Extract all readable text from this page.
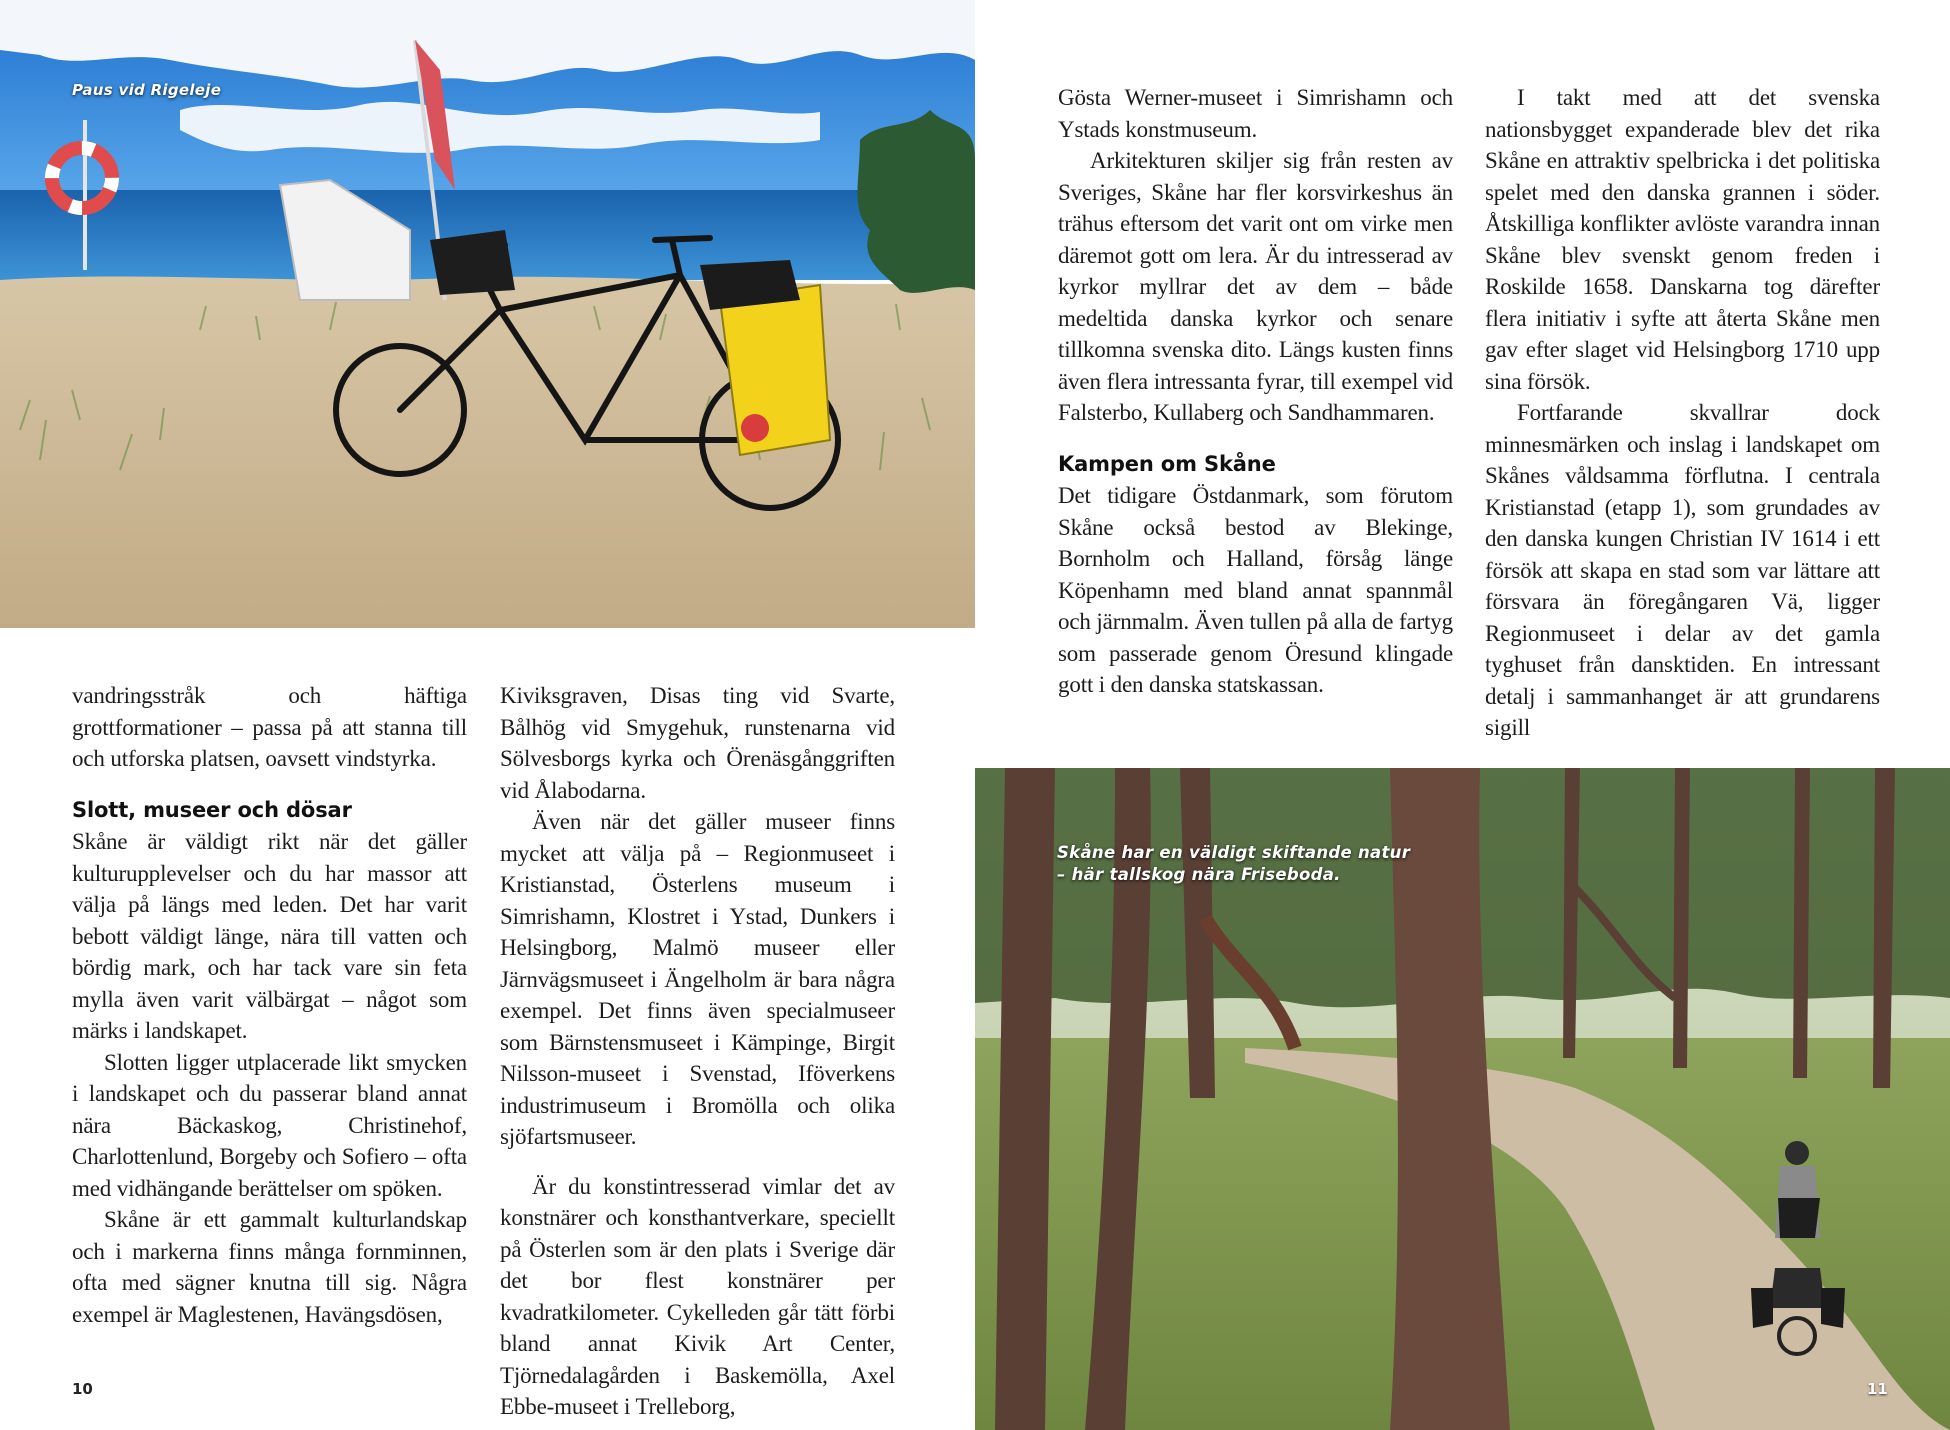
Paus vid Rigeleje

vandringsstråk och häftiga grottformationer – passa på att stanna till och utforska platsen, oavsett vindstyrka.

Slott, museer och dösar

Skåne är väldigt rikt när det gäller kulturupplevelser och du har massor att välja på längs med leden. Det har varit bebott väldigt länge, nära till vatten och bördig mark, och har tack vare sin feta mylla även varit välbärgat – något som märks i landskapet.

Slotten ligger utplacerade likt smycken i landskapet och du passerar bland annat nära Bäckaskog, Christinehof, Charlottenlund, Borgeby och Sofiero – ofta med vidhängande berättelser om spöken.

Skåne är ett gammalt kulturlandskap och i markerna finns många fornminnen, ofta med sägner knutna till sig. Några exempel är Maglestenen, Havängsdösen,

Kiviksgraven, Disas ting vid Svarte, Bålhög vid Smygehuk, runstenarna vid Sölvesborgs kyrka och Örenäsgånggriften vid Ålabodarna.

Även när det gäller museer finns mycket att välja på – Regionmuseet i Kristianstad, Österlens museum i Simrishamn, Klostret i Ystad, Dunkers i Helsingborg, Malmö museer eller Järnvägsmuseet i Ängelholm är bara några exempel. Det finns även specialmuseer som Bärnstensmuseet i Kämpinge, Birgit Nilsson-museet i Svenstad, Iföverkens industrimuseum i Bromölla och olika sjöfartsmuseer.

Är du konstintresserad vimlar det av konstnärer och konsthantverkare, speciellt på Österlen som är den plats i Sverige där det bor flest konstnärer per kvadratkilometer. Cykelleden går tätt förbi bland annat Kivik Art Center, Tjörnedalagården i Baskemölla, Axel Ebbe-museet i Trelleborg,

10

Gösta Werner-museet i Simrishamn och Ystads konstmuseum.

Arkitekturen skiljer sig från resten av Sveriges, Skåne har fler korsvirkeshus än trähus eftersom det varit ont om virke men däremot gott om lera. Är du intresserad av kyrkor myllrar det av dem – både medeltida danska kyrkor och senare tillkomna svenska dito. Längs kusten finns även flera intressanta fyrar, till exempel vid Falsterbo, Kullaberg och Sandhammaren.

Kampen om Skåne

Det tidigare Östdanmark, som förutom Skåne också bestod av Blekinge, Bornholm och Halland, försåg länge Köpenhamn med bland annat spannmål och järnmalm. Även tullen på alla de fartyg som passerade genom Öresund klingade gott i den danska statskassan.

I takt med att det svenska nationsbygget expanderade blev det rika Skåne en attraktiv spelbricka i det politiska spelet med den danska grannen i söder. Åtskilliga konflikter avlöste varandra innan Skåne blev svenskt genom freden i Roskilde 1658. Danskarna tog därefter flera initiativ i syfte att återta Skåne men gav efter slaget vid Helsingborg 1710 upp sina försök.

Fortfarande skvallrar dock minnesmärken och inslag i landskapet om Skånes våldsamma förflutna. I centrala Kristianstad (etapp 1), som grundades av den danska kungen Christian IV 1614 i ett försök att skapa en stad som var lättare att försvara än föregångaren Vä, ligger Regionmuseet i delar av det gamla tyghuset från dansktiden. En intressant detalj i sammanhanget är att grundarens sigill

Skåne har en väldigt skiftande natur
– här tallskog nära Friseboda.
11
